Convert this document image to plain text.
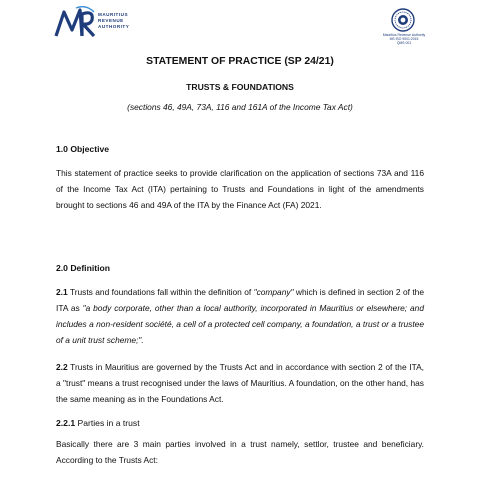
MAURITIUS
REVENUE
AUTHORITY
Mauritius Revenue Authority
MS ISO 9001:2015
QMS 001
STATEMENT OF PRACTICE (SP 24/21)
TRUSTS & FOUNDATIONS
(sections 46, 49A, 73A, 116 and 161A of the Income Tax Act)
1.0 Objective
This statement of practice seeks to provide clarification on the application of sections 73A and 116 of the Income Tax Act (ITA) pertaining to Trusts and Foundations in light of the amendments brought to sections 46 and 49A of the ITA by the Finance Act (FA) 2021.
2.0 Definition
2.1 Trusts and foundations fall within the definition of "company" which is defined in section 2 of the ITA as "a body corporate, other than a local authority, incorporated in Mauritius or elsewhere; and includes a non-resident société, a cell of a protected cell company, a foundation, a trust or a trustee of a unit trust scheme;".
2.2 Trusts in Mauritius are governed by the Trusts Act and in accordance with section 2 of the ITA, a "trust" means a trust recognised under the laws of Mauritius. A foundation, on the other hand, has the same meaning as in the Foundations Act.
2.2.1 Parties in a trust
Basically there are 3 main parties involved in a trust namely, settlor, trustee and beneficiary. According to the Trusts Act:
